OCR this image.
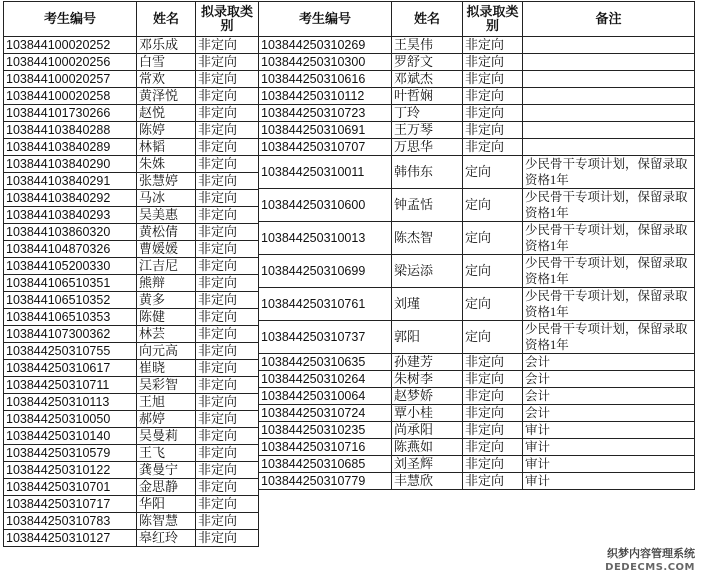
考生编号	姓名	拟录取类别
103844100020252	邓乐成	非定向
103844100020256	白雪	非定向
103844100020257	常欢	非定向
103844100020258	黄泽悦	非定向
103844101730266	赵悦	非定向
103844103840288	陈婷	非定向
103844103840289	林韬	非定向
103844103840290	朱姝	非定向
103844103840291	张慧婷	非定向
103844103840292	马冰	非定向
103844103840293	吴美惠	非定向
103844103860320	黄松倩	非定向
103844104870326	曹媛媛	非定向
103844105200330	江吉尼	非定向
103844106510351	熊辩	非定向
103844106510352	黄多	非定向
103844106510353	陈健	非定向
103844107300362	林芸	非定向
103844250310755	向元高	非定向
103844250310617	崔晓	非定向
103844250310711	吴彩智	非定向
103844250310113	王旭	非定向
103844250310050	郝婷	非定向
103844250310140	吴曼莉	非定向
103844250310579	王飞	非定向
103844250310122	龚曼宁	非定向
103844250310701	金思静	非定向
103844250310717	华阳	非定向
103844250310783	陈智慧	非定向
103844250310127	皋红玲	非定向
考生编号	姓名	拟录取类别	备注
103844250310269	王昊伟	非定向	
103844250310300	罗舒文	非定向	
103844250310616	邓斌杰	非定向	
103844250310112	叶哲娴	非定向	
103844250310723	丁玲	非定向	
103844250310691	王万琴	非定向	
103844250310707	万思华	非定向	
103844250310011	韩伟东	定向	少民骨干专项计划，保留录取资格1年
103844250310600	钟孟恬	定向	少民骨干专项计划，保留录取资格1年
103844250310013	陈杰智	定向	少民骨干专项计划，保留录取资格1年
103844250310699	梁运添	定向	少民骨干专项计划，保留录取资格1年
103844250310761	刘瑾	定向	少民骨干专项计划，保留录取资格1年
103844250310737	郭阳	定向	少民骨干专项计划，保留录取资格1年
103844250310635	孙建芳	非定向	会计
103844250310264	朱树李	非定向	会计
103844250310064	赵梦娇	非定向	会计
103844250310724	覃小桂	非定向	会计
103844250310235	尚承阳	非定向	审计
103844250310716	陈燕如	非定向	审计
103844250310685	刘圣辉	非定向	审计
103844250310779	丰慧欣	非定向	审计
织梦内容管理系统
DEDECMS.COM
